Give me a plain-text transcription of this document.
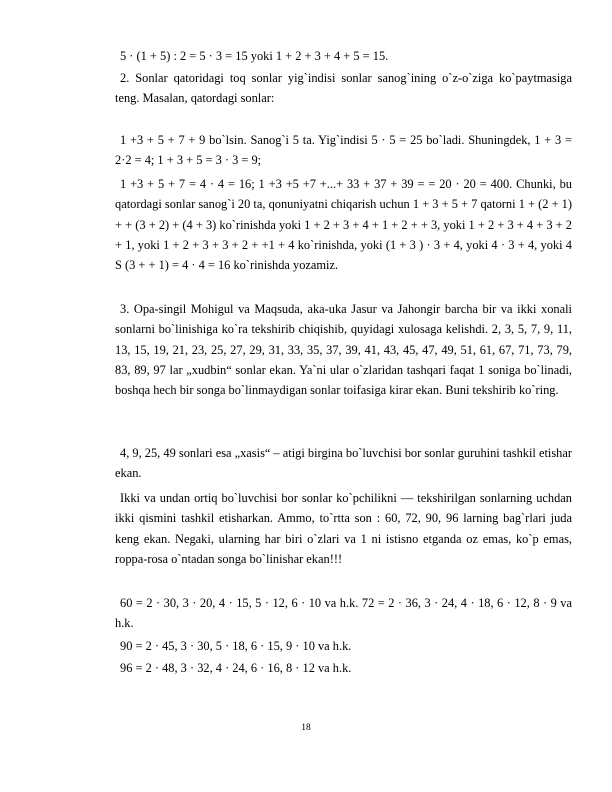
5 · (1 + 5) : 2 = 5 · 3 = 15 yoki 1 + 2 + 3 + 4 + 5 = 15.

2. Sonlar qatoridagi toq sonlar yig`indisi sonlar sanog`ining o`z-o`ziga ko`paytmasiga teng. Masalan, qatordagi sonlar:

1 +3 + 5 + 7 + 9 bo`lsin. Sanog`i 5 ta. Yig`indisi 5 · 5 = 25 bo`ladi. Shuningdek, 1 + 3 = 2·2 = 4; 1 + 3 + 5 = 3 · 3 = 9;

1 +3 + 5 + 7 = 4 · 4 = 16; 1 +3 +5 +7 +...+ 33 + 37 + 39 = = 20 · 20 = 400. Chunki, bu qatordagi sonlar sanog`i 20 ta, qonuniyatni chiqarish uchun 1 + 3 + 5 + 7 qatorni 1 + (2 + 1) + + (3 + 2) + (4 + 3) ko`rinishda yoki 1 + 2 + 3 + 4 + 1 + 2 + + 3, yoki 1 + 2 + 3 + 4 + 3 + 2 + 1, yoki 1 + 2 + 3 + 3 + 2 + +1 + 4 ko`rinishda, yoki (1 + 3 ) · 3 + 4, yoki 4 · 3 + 4, yoki 4 S (3 + + 1) = 4 · 4 = 16 ko`rinishda yozamiz.

3. Opa-singil Mohigul va Maqsuda, aka-uka Jasur va Jahongir barcha bir va ikki xonali sonlarni bo`linishiga ko`ra tekshirib chiqishib, quyidagi xulosaga kelishdi. 2, 3, 5, 7, 9, 11, 13, 15, 19, 21, 23, 25, 27, 29, 31, 33, 35, 37, 39, 41, 43, 45, 47, 49, 51, 61, 67, 71, 73, 79, 83, 89, 97 lar „xudbin“ sonlar ekan. Ya`ni ular o`zlaridan tashqari faqat 1 soniga bo`linadi, boshqa hech bir songa bo`linmaydigan sonlar toifasiga kirar ekan. Buni tekshirib ko`ring.

4, 9, 25, 49 sonlari esa „xasis“ – atigi birgina bo`luvchisi bor sonlar guruhini tashkil etishar ekan.

Ikki va undan ortiq bo`luvchisi bor sonlar ko`pchilikni — tekshirilgan sonlarning uchdan ikki qismini tashkil etisharkan. Ammo, to`rtta son : 60, 72, 90, 96 larning bag`rlari juda keng ekan. Negaki, ularning har biri o`zlari va 1 ni istisno etganda oz emas, ko`p emas, roppa-rosa o`ntadan songa bo`linishar ekan!!!

60 = 2 · 30, 3 · 20, 4 · 15, 5 · 12, 6 · 10 va h.k. 72 = 2 · 36, 3 · 24, 4 · 18, 6 · 12, 8 · 9 va h.k.

90 = 2 · 45, 3 · 30, 5 · 18, 6 · 15, 9 · 10 va h.k.

96 = 2 · 48, 3 · 32, 4 · 24, 6 · 16, 8 · 12 va h.k.

18
